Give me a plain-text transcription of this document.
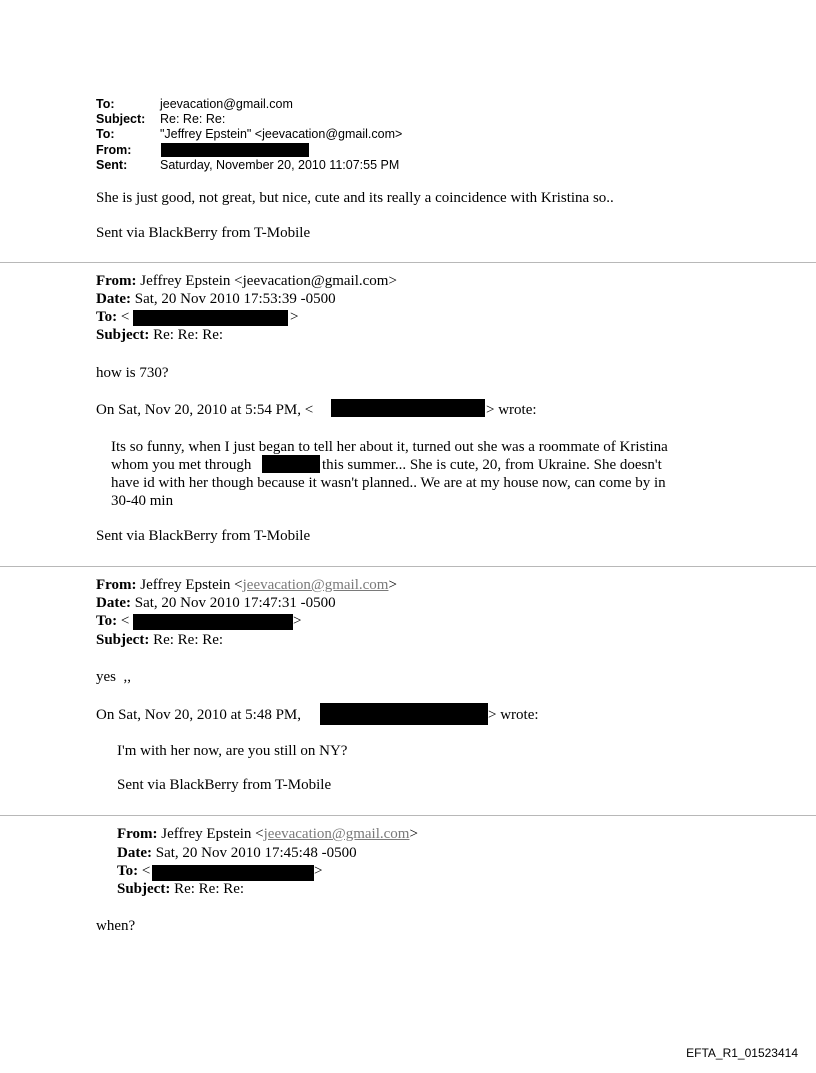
To:	jeevacation@gmail.com
Subject: Re: Re: Re:
To:	"Jeffrey Epstein" <jeevacation@gmail.com>
From:
Sent:	Saturday, November 20, 2010 11:07:55 PM
She is just good, not great, but nice, cute and its really a coincidence with Kristina so..
Sent via BlackBerry from T-Mobile
From: Jeffrey Epstein <jeevacation@gmail.com>
Date: Sat, 20 Nov 2010 17:53:39 -0500
To: <	>
Subject: Re: Re: Re:
how is 730?
On Sat, Nov 20, 2010 at 5:54 PM, <	> wrote:
Its so funny, when I just began to tell her about it, turned out she was a roommate of Kristina
whom you met through	this summer... She is cute, 20, from Ukraine. She doesn't
have id with her though because it wasn't planned.. We are at my house now, can come by in
30-40 min
Sent via BlackBerry from T-Mobile
From: Jeffrey Epstein <jeevacation@gmail.com>
Date: Sat, 20 Nov 2010 17:47:31 -0500
To: <	>
Subject: Re: Re: Re:
yes  ,,
On Sat, Nov 20, 2010 at 5:48 PM,	> wrote:
I'm with her now, are you still on NY?
Sent via BlackBerry from T-Mobile
From: Jeffrey Epstein <jeevacation@gmail.com>
Date: Sat, 20 Nov 2010 17:45:48 -0500
To: <	>
Subject: Re: Re: Re:
when?
EFTA_R1_01523414
